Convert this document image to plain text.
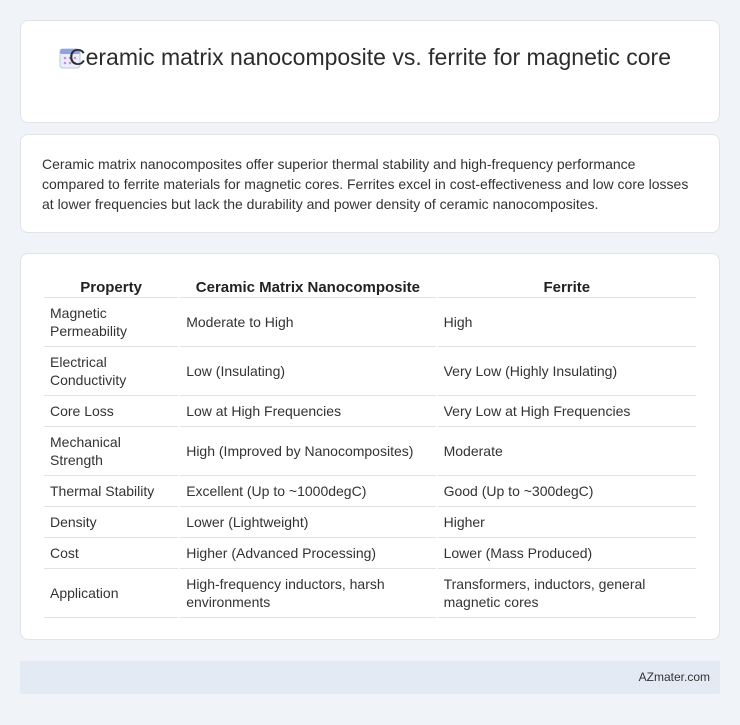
Ceramic matrix nanocomposite vs. ferrite for magnetic core

Ceramic matrix nanocomposites offer superior thermal stability and high-frequency performance compared to ferrite materials for magnetic cores. Ferrites excel in cost-effectiveness and low core losses at lower frequencies but lack the durability and power density of ceramic nanocomposites.

Property	Ceramic Matrix Nanocomposite	Ferrite
Magnetic Permeability	Moderate to High	High
Electrical Conductivity	Low (Insulating)	Very Low (Highly Insulating)
Core Loss	Low at High Frequencies	Very Low at High Frequencies
Mechanical Strength	High (Improved by Nanocomposites)	Moderate
Thermal Stability	Excellent (Up to ~1000degC)	Good (Up to ~300degC)
Density	Lower (Lightweight)	Higher
Cost	Higher (Advanced Processing)	Lower (Mass Produced)
Application	High-frequency inductors, harsh environments	Transformers, inductors, general magnetic cores
AZmater.com
